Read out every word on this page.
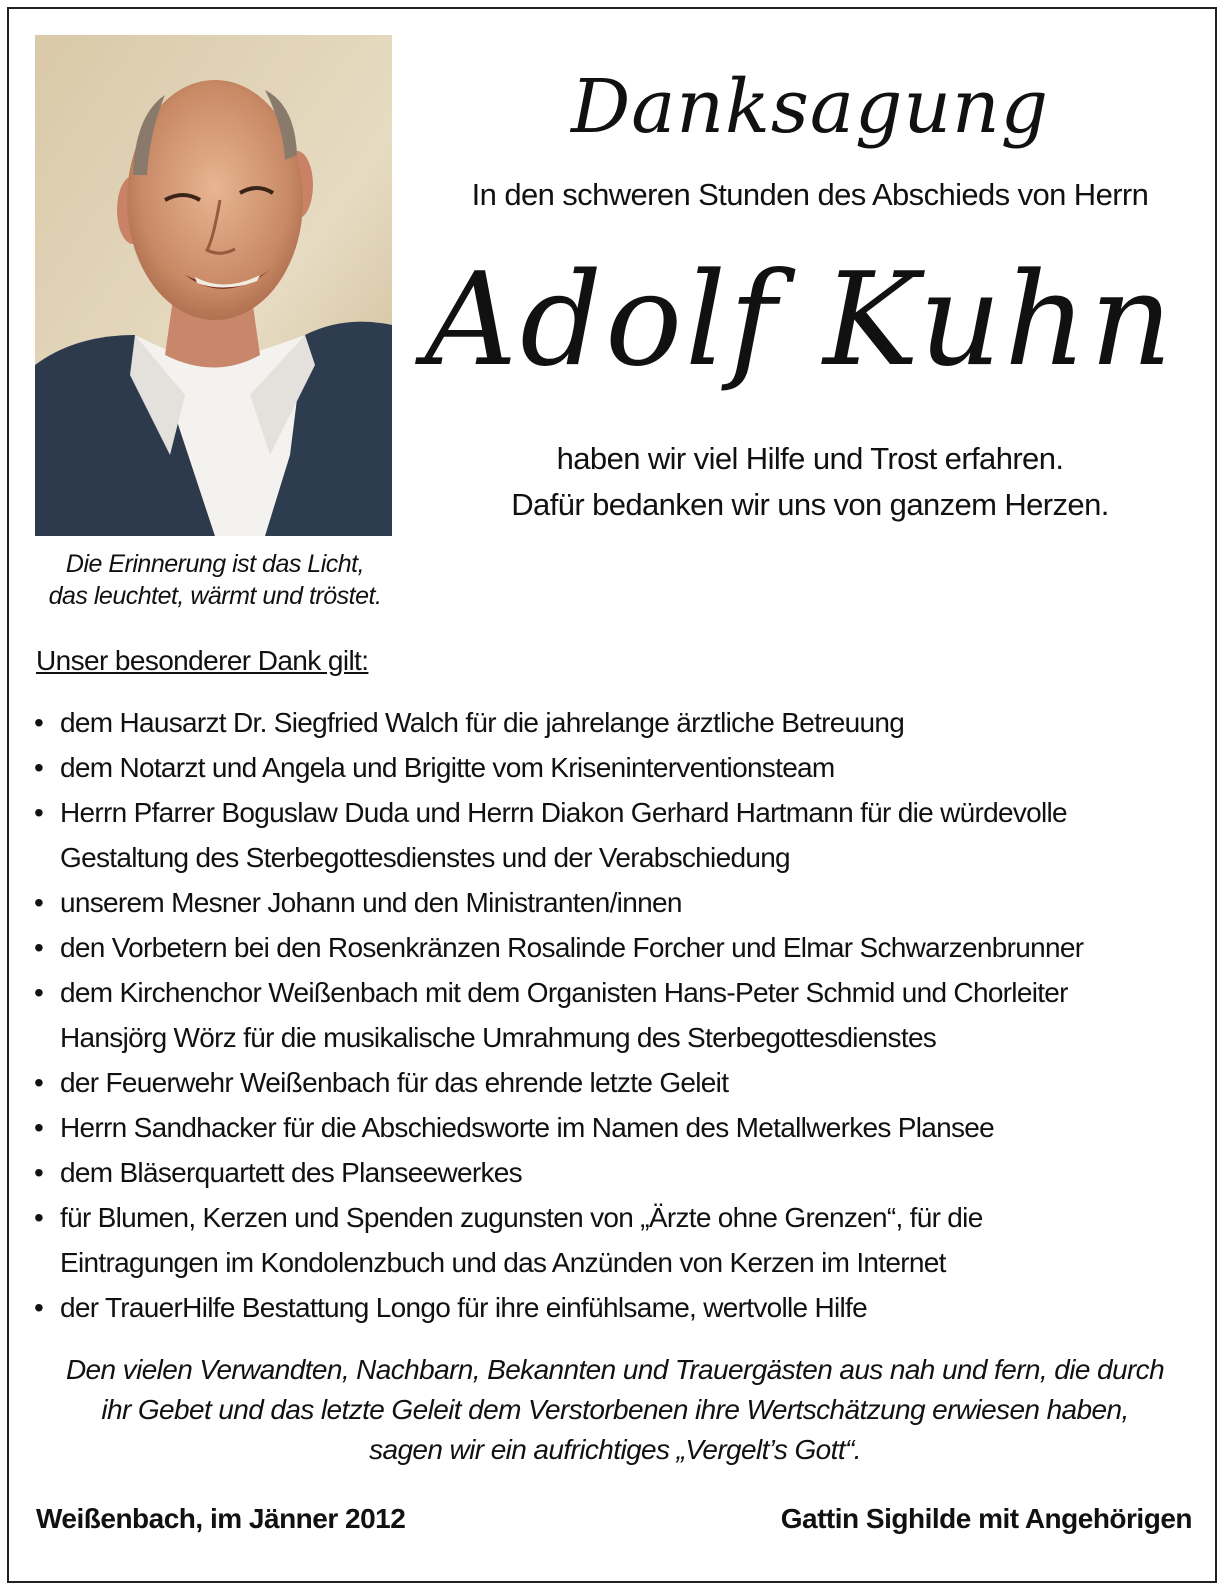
Die Erinnerung ist das Licht,
das leuchtet, wärmt und tröstet.
Danksagung
In den schweren Stunden des Abschieds von Herrn
Adolf Kuhn
haben wir viel Hilfe und Trost erfahren.
Dafür bedanken wir uns von ganzem Herzen.
Unser besonderer Dank gilt:
• dem Hausarzt Dr. Siegfried Walch für die jahrelange ärztliche Betreuung
• dem Notarzt und Angela und Brigitte vom Kriseninterventionsteam
• Herrn Pfarrer Boguslaw Duda und Herrn Diakon Gerhard Hartmann für die würdevolle
Gestaltung des Sterbegottesdienstes und der Verabschiedung
• unserem Mesner Johann und den Ministranten/innen
• den Vorbetern bei den Rosenkränzen Rosalinde Forcher und Elmar Schwarzenbrunner
• dem Kirchenchor Weißenbach mit dem Organisten Hans-Peter Schmid und Chorleiter
Hansjörg Wörz für die musikalische Umrahmung des Sterbegottesdienstes
• der Feuerwehr Weißenbach für das ehrende letzte Geleit
• Herrn Sandhacker für die Abschiedsworte im Namen des Metallwerkes Plansee
• dem Bläserquartett des Planseewerkes
• für Blumen, Kerzen und Spenden zugunsten von „Ärzte ohne Grenzen“, für die
Eintragungen im Kondolenzbuch und das Anzünden von Kerzen im Internet
• der TrauerHilfe Bestattung Longo für ihre einfühlsame, wertvolle Hilfe
Den vielen Verwandten, Nachbarn, Bekannten und Trauergästen aus nah und fern, die durch
ihr Gebet und das letzte Geleit dem Verstorbenen ihre Wertschätzung erwiesen haben,
sagen wir ein aufrichtiges „Vergelt’s Gott“.
Weißenbach, im Jänner 2012	Gattin Sighilde mit Angehörigen
